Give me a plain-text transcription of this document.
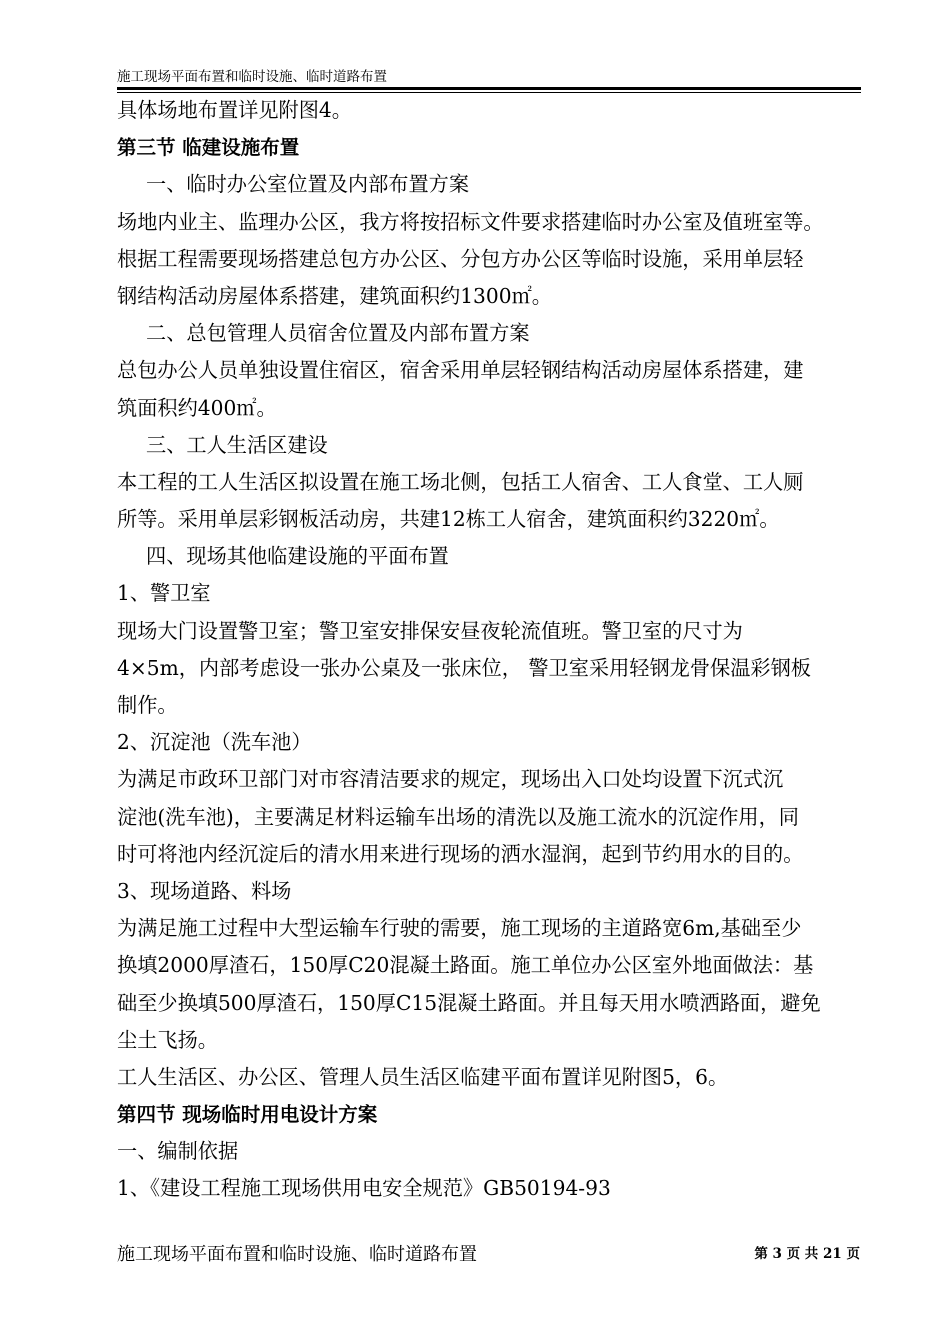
施工现场平面布置和临时设施、临时道路布置
具体场地布置详见附图4。
第三节 临建设施布置
一、临时办公室位置及内部布置方案
场地内业主、监理办公区，我方将按招标文件要求搭建临时办公室及值班室等。
根据工程需要现场搭建总包方办公区、分包方办公区等临时设施，采用单层轻
钢结构活动房屋体系搭建，建筑面积约1300㎡。
二、总包管理人员宿舍位置及内部布置方案
总包办公人员单独设置住宿区，宿舍采用单层轻钢结构活动房屋体系搭建，建
筑面积约400㎡。
三、工人生活区建设
本工程的工人生活区拟设置在施工场北侧，包括工人宿舍、工人食堂、工人厕
所等。采用单层彩钢板活动房，共建12栋工人宿舍，建筑面积约3220㎡。
四、现场其他临建设施的平面布置
1、警卫室
现场大门设置警卫室；警卫室安排保安昼夜轮流值班。警卫室的尺寸为
4×5m，内部考虑设一张办公桌及一张床位， 警卫室采用轻钢龙骨保温彩钢板
制作。
2、沉淀池（洗车池）
为满足市政环卫部门对市容清洁要求的规定，现场出入口处均设置下沉式沉
淀池(洗车池)，主要满足材料运输车出场的清洗以及施工流水的沉淀作用，同
时可将池内经沉淀后的清水用来进行现场的洒水湿润，起到节约用水的目的。
3、现场道路、料场
为满足施工过程中大型运输车行驶的需要，施工现场的主道路宽6m,基础至少
换填2000厚渣石，150厚C20混凝土路面。施工单位办公区室外地面做法：基
础至少换填500厚渣石，150厚C15混凝土路面。并且每天用水喷洒路面，避免
尘土飞扬。
工人生活区、办公区、管理人员生活区临建平面布置详见附图5，6。
第四节 现场临时用电设计方案
一、编制依据
1、《建设工程施工现场供用电安全规范》GB50194-93
施工现场平面布置和临时设施、临时道路布置	第 3 页 共 21 页
